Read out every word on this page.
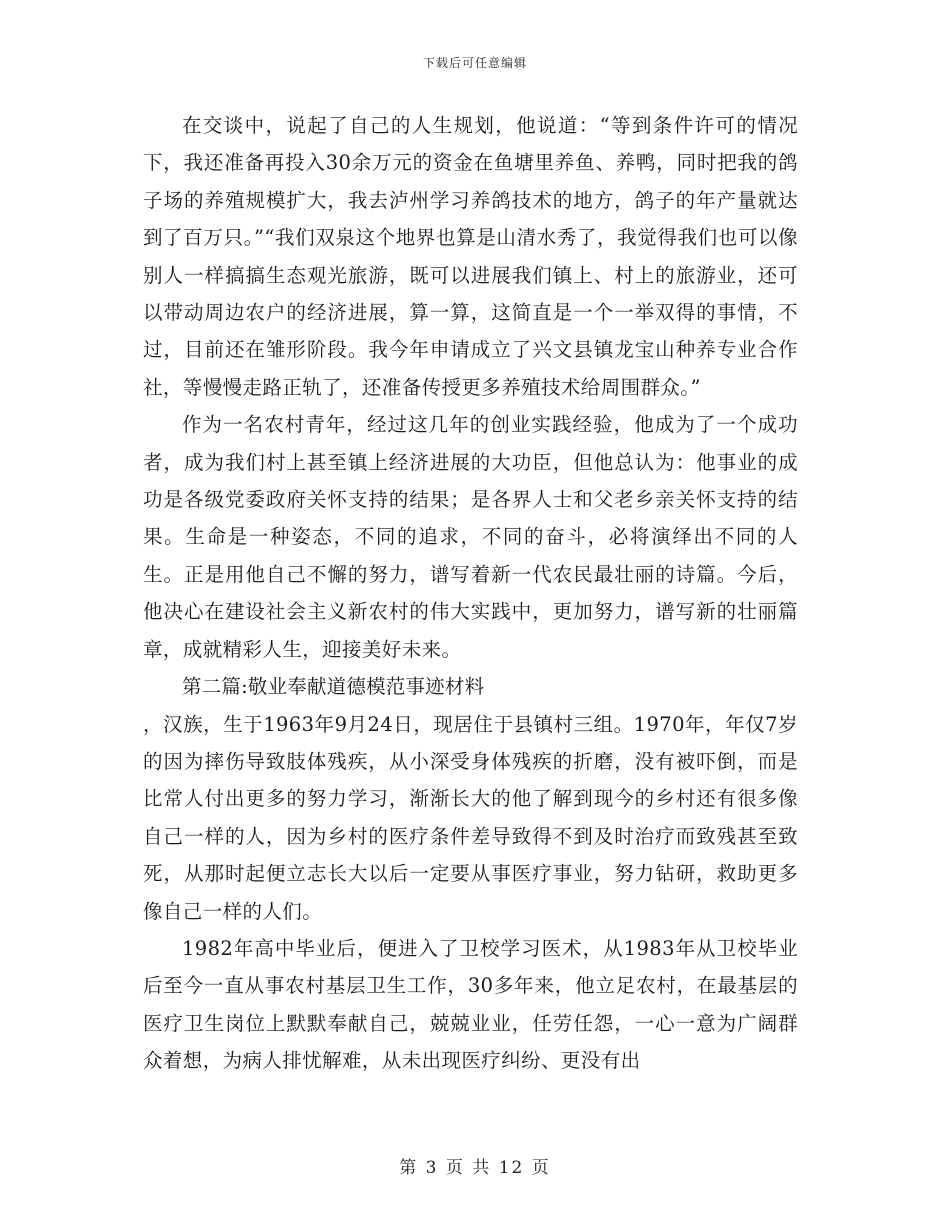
下载后可任意编辑

在交谈中，说起了自己的人生规划，他说道：“等到条件许可的情况下，我还准备再投入30余万元的资金在鱼塘里养鱼、养鸭，同时把我的鸽子场的养殖规模扩大，我去泸州学习养鸽技术的地方，鸽子的年产量就达到了百万只。”“我们双泉这个地界也算是山清水秀了，我觉得我们也可以像别人一样搞搞生态观光旅游，既可以进展我们镇上、村上的旅游业，还可以带动周边农户的经济进展，算一算，这简直是一个一举双得的事情，不过，目前还在雏形阶段。我今年申请成立了兴文县镇龙宝山种养专业合作社，等慢慢走路正轨了，还准备传授更多养殖技术给周围群众。”

作为一名农村青年，经过这几年的创业实践经验，他成为了一个成功者，成为我们村上甚至镇上经济进展的大功臣，但他总认为：他事业的成功是各级党委政府关怀支持的结果；是各界人士和父老乡亲关怀支持的结果。生命是一种姿态，不同的追求，不同的奋斗，必将演绎出不同的人生。正是用他自己不懈的努力，谱写着新一代农民最壮丽的诗篇。今后，他决心在建设社会主义新农村的伟大实践中，更加努力，谱写新的壮丽篇章，成就精彩人生，迎接美好未来。

第二篇:敬业奉献道德模范事迹材料

，汉族，生于1963年9月24日，现居住于县镇村三组。1970年，年仅7岁的因为摔伤导致肢体残疾，从小深受身体残疾的折磨，没有被吓倒，而是比常人付出更多的努力学习，渐渐长大的他了解到现今的乡村还有很多像自己一样的人，因为乡村的医疗条件差导致得不到及时治疗而致残甚至致死，从那时起便立志长大以后一定要从事医疗事业，努力钻研，救助更多像自己一样的人们。

1982年高中毕业后，便进入了卫校学习医术，从1983年从卫校毕业后至今一直从事农村基层卫生工作，30多年来，他立足农村，在最基层的医疗卫生岗位上默默奉献自己，兢兢业业，任劳任怨，一心一意为广阔群众着想，为病人排忧解难，从未出现医疗纠纷、更没有出

第 3 页 共 12 页
